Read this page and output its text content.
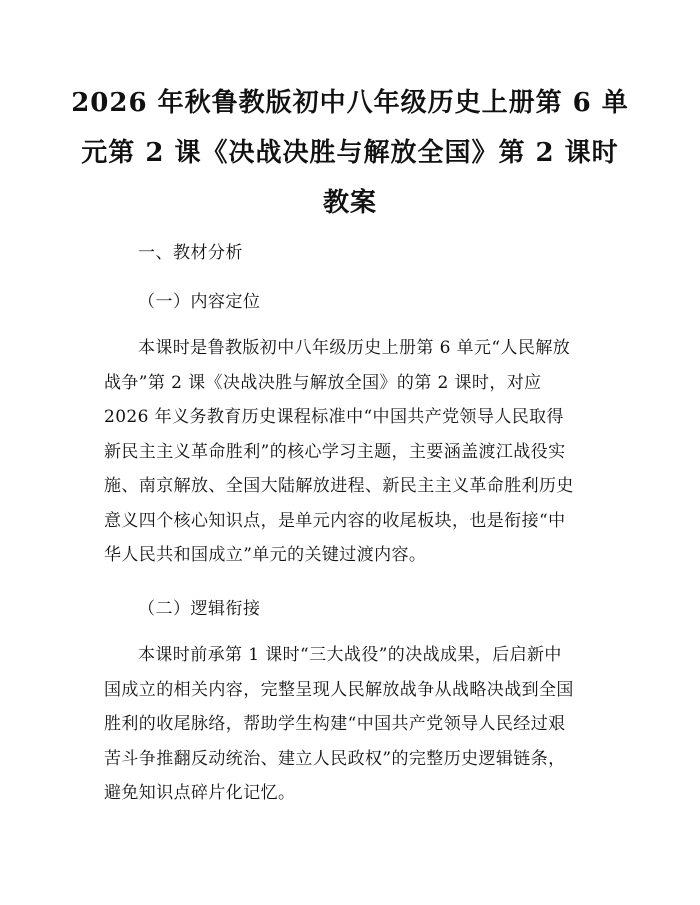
2026 年秋鲁教版初中八年级历史上册第 6 单
元第 2 课《决战决胜与解放全国》第 2 课时
教案

一、教材分析

（一）内容定位

本课时是鲁教版初中八年级历史上册第 6 单元“人民解放
战争”第 2 课《决战决胜与解放全国》的第 2 课时，对应
2026 年义务教育历史课程标准中“中国共产党领导人民取得
新民主主义革命胜利”的核心学习主题，主要涵盖渡江战役实
施、南京解放、全国大陆解放进程、新民主主义革命胜利历史
意义四个核心知识点，是单元内容的收尾板块，也是衔接“中
华人民共和国成立”单元的关键过渡内容。

（二）逻辑衔接

本课时前承第 1 课时“三大战役”的决战成果，后启新中
国成立的相关内容，完整呈现人民解放战争从战略决战到全国
胜利的收尾脉络，帮助学生构建“中国共产党领导人民经过艰
苦斗争推翻反动统治、建立人民政权”的完整历史逻辑链条，
避免知识点碎片化记忆。
